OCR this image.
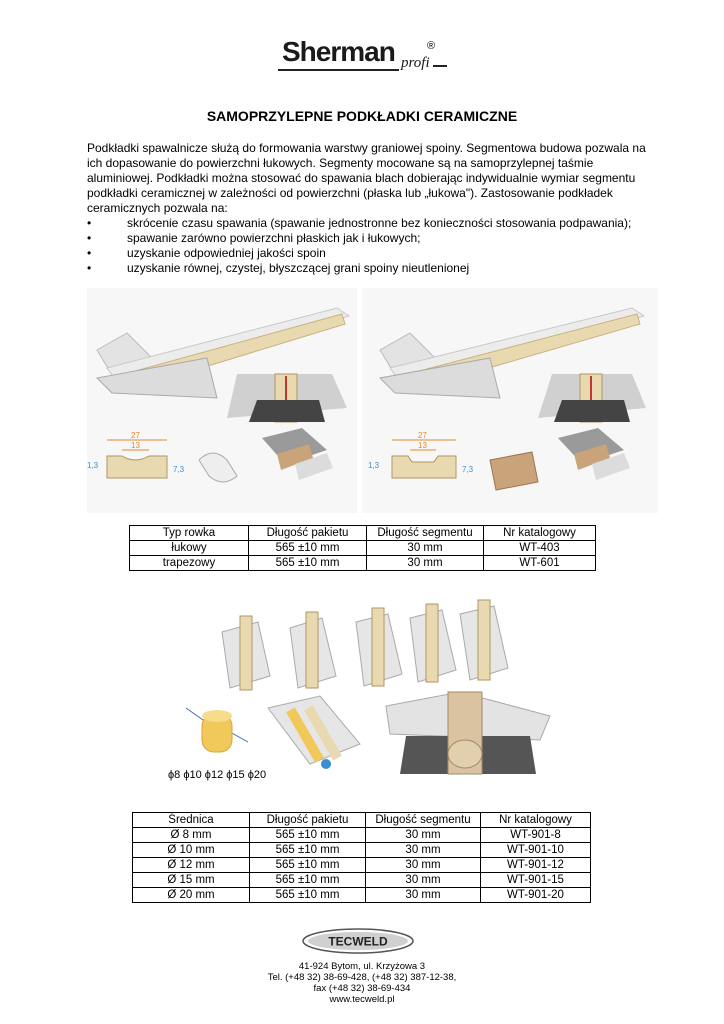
Sherman	®
profi
SAMOPRZYLEPNE PODKŁADKI CERAMICZNE

Podkładki spawalnicze służą do formowania warstwy graniowej spoiny. Segmentowa budowa pozwala na ich dopasowanie do powierzchni łukowych. Segmenty mocowane są na samoprzylepnej taśmie aluminiowej. Podkładki można stosować do spawania blach dobierając indywidualnie wymiar segmentu podkładki ceramicznej w zależności od powierzchni (płaska lub „łukowa"). Zastosowanie podkładek ceramicznych pozwala na:

•	skrócenie czasu spawania (spawanie jednostronne bez konieczności stosowania podpawania);
•	spawanie zarówno powierzchni płaskich jak i łukowych;
•	uzyskanie odpowiedniej jakości spoin
•	uzyskanie równej, czystej, błyszczącej grani spoiny nieutlenionej
27
13
1,3	7,3
27
13
1,3	7,3
Typ rowka	Długość pakietu	Długość segmentu	Nr katalogowy
łukowy	565 ±10 mm	30 mm	WT-403
trapezowy	565 ±10 mm	30 mm	WT-601
ϕ8 ϕ10 ϕ12 ϕ15 ϕ20
Średnica	Długość pakietu	Długość segmentu	Nr katalogowy
Ø 8 mm	565 ±10 mm	30 mm	WT-901-8
Ø 10 mm	565 ±10 mm	30 mm	WT-901-10
Ø 12 mm	565 ±10 mm	30 mm	WT-901-12
Ø 15 mm	565 ±10 mm	30 mm	WT-901-15
Ø 20 mm	565 ±10 mm	30 mm	WT-901-20
TECWELD
41-924 Bytom, ul. Krzyżowa 3
Tel. (+48 32) 38-69-428, (+48 32) 387-12-38,
fax (+48 32) 38-69-434
www.tecweld.pl
